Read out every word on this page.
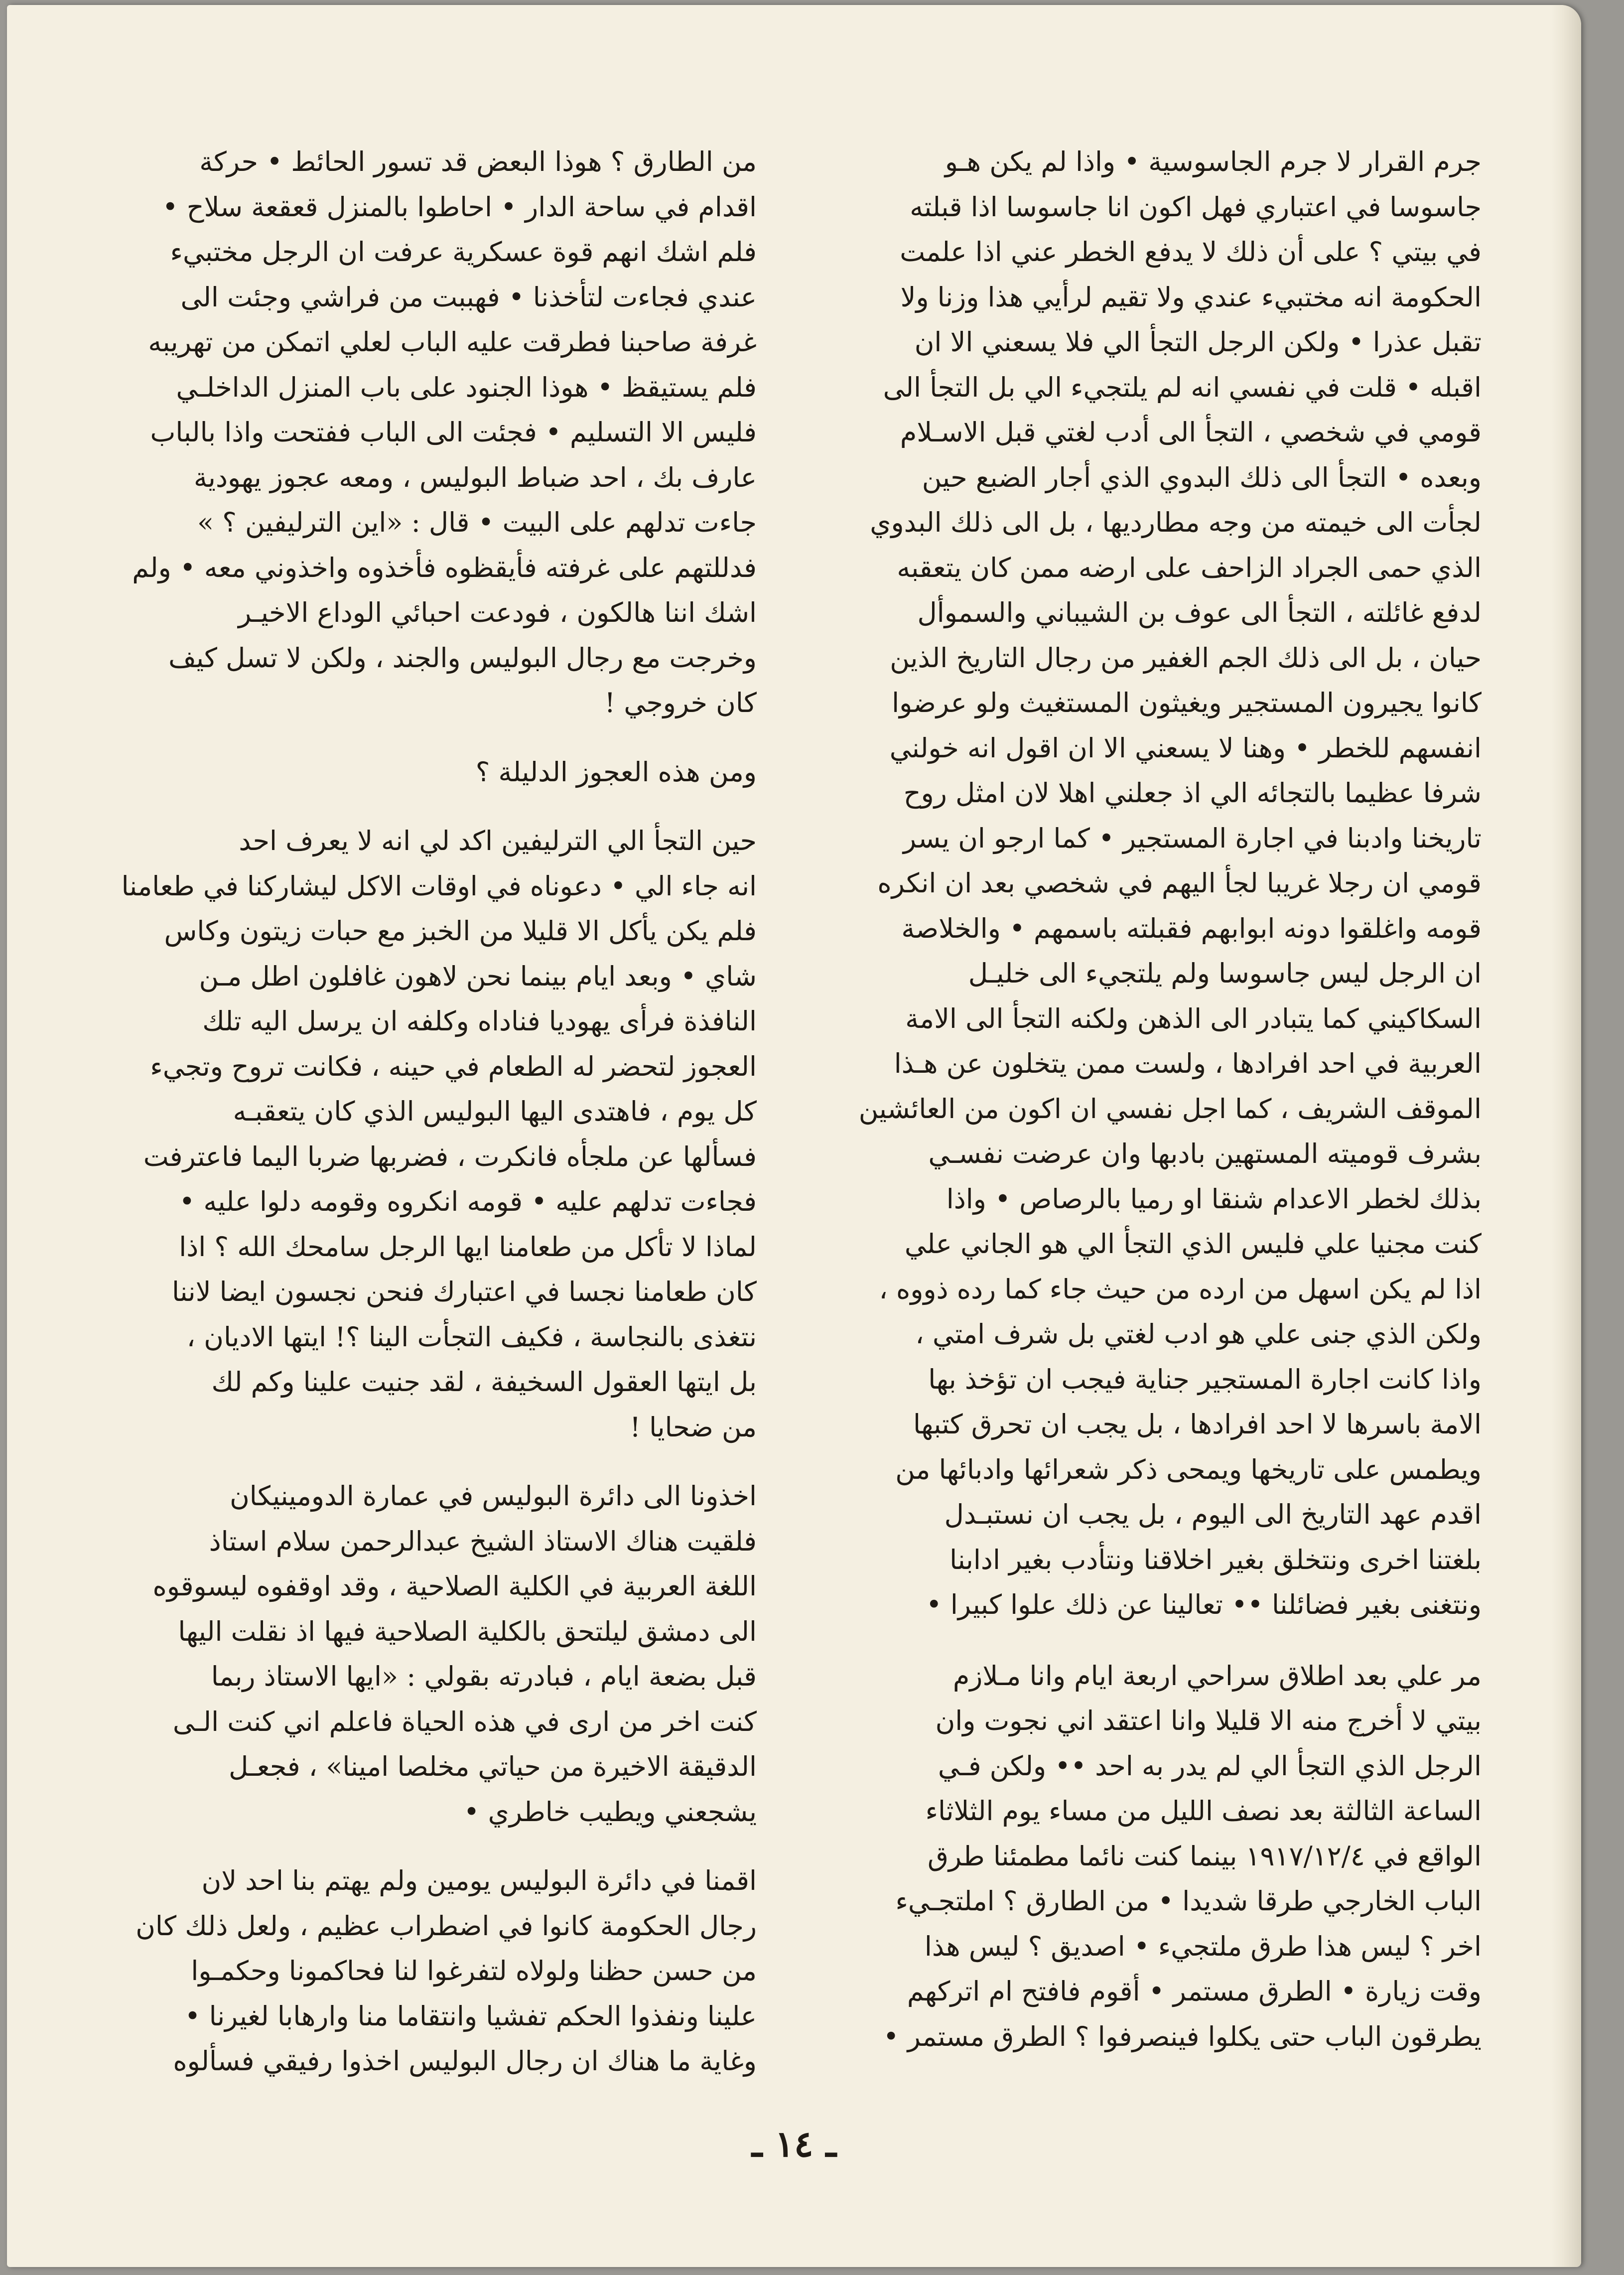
جرم القرار لا جرم الجاسوسية • واذا لم يكن هـو
جاسوسا في اعتباري فهل اكون انا جاسوسا اذا قبلته
في بيتي ؟ على أن ذلك لا يدفع الخطر عني اذا علمت
الحكومة انه مختبيء عندي ولا تقيم لرأيي هذا وزنا ولا
تقبل عذرا • ولكن الرجل التجأ الي فلا يسعني الا ان
اقبله • قلت في نفسي انه لم يلتجيء الي بل التجأ الى
قومي في شخصي ، التجأ الى أدب لغتي قبل الاسـلام
وبعده • التجأ الى ذلك البدوي الذي أجار الضبع حين
لجأت الى خيمته من وجه مطارديها ، بل الى ذلك البدوي
الذي حمى الجراد الزاحف على ارضه ممن كان يتعقبه
لدفع غائلته ، التجأ الى عوف بن الشيباني والسموأل
حيان ، بل الى ذلك الجم الغفير من رجال التاريخ الذين
كانوا يجيرون المستجير ويغيثون المستغيث ولو عرضوا
انفسهم للخطر • وهنا لا يسعني الا ان اقول انه خولني
شرفا عظيما بالتجائه الي اذ جعلني اهلا لان امثل روح
تاريخنا وادبنا في اجارة المستجير • كما ارجو ان يسر
قومي ان رجلا غريبا لجأ اليهم في شخصي بعد ان انكره
قومه واغلقوا دونه ابوابهم فقبلته باسمهم • والخلاصة
ان الرجل ليس جاسوسا ولم يلتجيء الى خليـل
السكاكيني كما يتبادر الى الذهن ولكنه التجأ الى الامة
العربية في احد افرادها ، ولست ممن يتخلون عن هـذا
الموقف الشريف ، كما اجل نفسي ان اكون من العائشين
بشرف قوميته المستهين بادبها وان عرضت نفسـي
بذلك لخطر الاعدام شنقا او رميا بالرصاص • واذا
كنت مجنيا علي فليس الذي التجأ الي هو الجاني علي
اذا لم يكن اسهل من ارده من حيث جاء كما رده ذووه ،
ولكن الذي جنى علي هو ادب لغتي بل شرف امتي ،
واذا كانت اجارة المستجير جناية فيجب ان تؤخذ بها
الامة باسرها لا احد افرادها ، بل يجب ان تحرق كتبها
ويطمس على تاريخها ويمحى ذكر شعرائها وادبائها من
اقدم عهد التاريخ الى اليوم ، بل يجب ان نستبـدل
بلغتنا اخرى ونتخلق بغير اخلاقنا ونتأدب بغير ادابنا
ونتغنى بغير فضائلنا •• تعالينا عن ذلك علوا كبيرا •

مر علي بعد اطلاق سراحي اربعة ايام وانا مـلازم
بيتي لا أخرج منه الا قليلا وانا اعتقد اني نجوت وان
الرجل الذي التجأ الي لم يدر به احد •• ولكن فـي
الساعة الثالثة بعد نصف الليل من مساء يوم الثلاثاء
الواقع في ١٩١٧/١٢/٤ بينما كنت نائما مطمئنا طرق
الباب الخارجي طرقا شديدا • من الطارق ؟ املتجـيء
اخر ؟ ليس هذا طرق ملتجيء • اصديق ؟ ليس هذا
وقت زيارة • الطرق مستمر • أقوم فافتح ام اتركهم
يطرقون الباب حتى يكلوا فينصرفوا ؟ الطرق مستمر •

من الطارق ؟ هوذا البعض قد تسور الحائط • حركة
اقدام في ساحة الدار • احاطوا بالمنزل قعقعة سلاح •
فلم اشك انهم قوة عسكرية عرفت ان الرجل مختبيء
عندي فجاءت لتأخذنا • فهببت من فراشي وجئت الى
غرفة صاحبنا فطرقت عليه الباب لعلي اتمكن من تهريبه
فلم يستيقظ • هوذا الجنود على باب المنزل الداخلـي
فليس الا التسليم • فجئت الى الباب ففتحت واذا بالباب
عارف بك ، احد ضباط البوليس ، ومعه عجوز يهودية
جاءت تدلهم على البيت • قال : «اين الترليفين ؟ »
فدللتهم على غرفته فأيقظوه فأخذوه واخذوني معه • ولم
اشك اننا هالكون ، فودعت احبائي الوداع الاخيـر
وخرجت مع رجال البوليس والجند ، ولكن لا تسل كيف
كان خروجي !

ومن هذه العجوز الدليلة ؟

حين التجأ الي الترليفين اكد لي انه لا يعرف احد
انه جاء الي • دعوناه في اوقات الاكل ليشاركنا في طعامنا
فلم يكن يأكل الا قليلا من الخبز مع حبات زيتون وكاس
شاي • وبعد ايام بينما نحن لاهون غافلون اطل مـن
النافذة فرأى يهوديا فناداه وكلفه ان يرسل اليه تلك
العجوز لتحضر له الطعام في حينه ، فكانت تروح وتجيء
كل يوم ، فاهتدى اليها البوليس الذي كان يتعقبـه
فسألها عن ملجأه فانكرت ، فضربها ضربا اليما فاعترفت
فجاءت تدلهم عليه • قومه انكروه وقومه دلوا عليه •
لماذا لا تأكل من طعامنا ايها الرجل سامحك الله ؟ اذا
كان طعامنا نجسا في اعتبارك فنحن نجسون ايضا لاننا
نتغذى بالنجاسة ، فكيف التجأت الينا ؟! ايتها الاديان ،
بل ايتها العقول السخيفة ، لقد جنيت علينا وكم لك
من ضحايا !

اخذونا الى دائرة البوليس في عمارة الدومينيكان
فلقيت هناك الاستاذ الشيخ عبدالرحمن سلام استاذ
اللغة العربية في الكلية الصلاحية ، وقد اوقفوه ليسوقوه
الى دمشق ليلتحق بالكلية الصلاحية فيها اذ نقلت اليها
قبل بضعة ايام ، فبادرته بقولي : «ايها الاستاذ ربما
كنت اخر من ارى في هذه الحياة فاعلم اني كنت الـى
الدقيقة الاخيرة من حياتي مخلصا امينا» ، فجعـل
يشجعني ويطيب خاطري •

اقمنا في دائرة البوليس يومين ولم يهتم بنا احد لان
رجال الحكومة كانوا في اضطراب عظيم ، ولعل ذلك كان
من حسن حظنا ولولاه لتفرغوا لنا فحاكمونا وحكمـوا
علينا ونفذوا الحكم تفشيا وانتقاما منا وارهابا لغيرنا •
وغاية ما هناك ان رجال البوليس اخذوا رفيقي فسألوه

ـ ١٤ ـ
